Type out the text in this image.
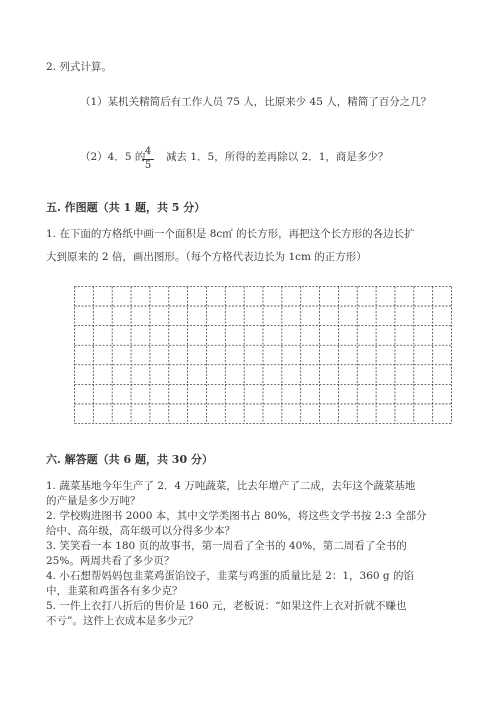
2. 列式计算。
（1）某机关精简后有工作人员 75 人，比原来少 45 人，精简了百分之几？
（2）4．5 的 4
5
减去 1．5，所得的差再除以 2．1，商是多少？
五. 作图题（共 1 题，共 5 分）
1. 在下面的方格纸中画一个面积是 8c㎡ 的长方形，再把这个长方形的各边长扩
大到原来的 2 倍，画出图形。（每个方格代表边长为 1cm 的正方形）
六. 解答题（共 6 题，共 30 分）
1. 蔬菜基地今年生产了 2．4 万吨蔬菜，比去年增产了二成，去年这个蔬菜基地
的产量是多少万吨？
2. 学校购进图书 2000 本，其中文学类图书占 80%，将这些文学书按 2:3 全部分
给中、高年级，高年级可以分得多少本？
3. 笑笑看一本 180 页的故事书，第一周看了全书的 40%，第二周看了全书的
25%。两周共看了多少页？
4. 小石想帮妈妈包韭菜鸡蛋馅饺子，韭菜与鸡蛋的质量比是 2：1，360 g 的馅
中，韭菜和鸡蛋各有多少克？
5. 一件上衣打八折后的售价是 160 元，老板说：“如果这件上衣对折就不赚也
不亏”。这件上衣成本是多少元？
